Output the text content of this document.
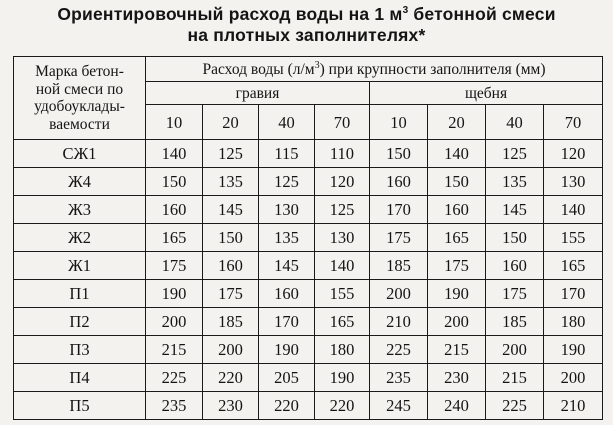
Ориентировочный расход воды на 1 $м^3$ бетонной смеси
на плотных заполнителях*
Марка бетон-
ной смеси по
удобоуклады-
ваемости	Расход воды $(л/м^3)$ при крупности заполнителя (мм)							
	гравия				щебня			
	10	20	40	70	10	20	40	70
СЖ1	140	125	115	110	150	140	125	120
Ж4	150	135	125	120	160	150	135	130
Ж3	160	145	130	125	170	160	145	140
Ж2	165	150	135	130	175	165	150	155
Ж1	175	160	145	140	185	175	160	165
П1	190	175	160	155	200	190	175	170
П2	200	185	170	165	210	200	185	180
П3	215	200	190	180	225	215	200	190
П4	225	220	205	190	235	230	215	200
П5	235	230	220	220	245	240	225	210
